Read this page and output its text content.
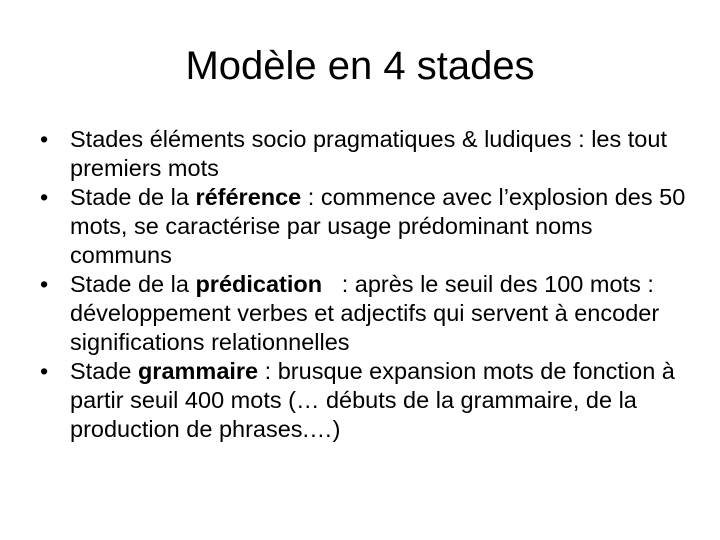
Modèle en 4 stades
• Stades éléments socio pragmatiques & ludiques : les tout premiers mots
• Stade de la référence : commence avec l’explosion des 50 mots, se caractérise par usage prédominant noms communs
• Stade de la prédication   : après le seuil des 100 mots : développement verbes et adjectifs qui servent à encoder significations relationnelles
• Stade grammaire : brusque expansion mots de fonction à partir seuil 400 mots (… débuts de la grammaire, de la production de phrases.…)
